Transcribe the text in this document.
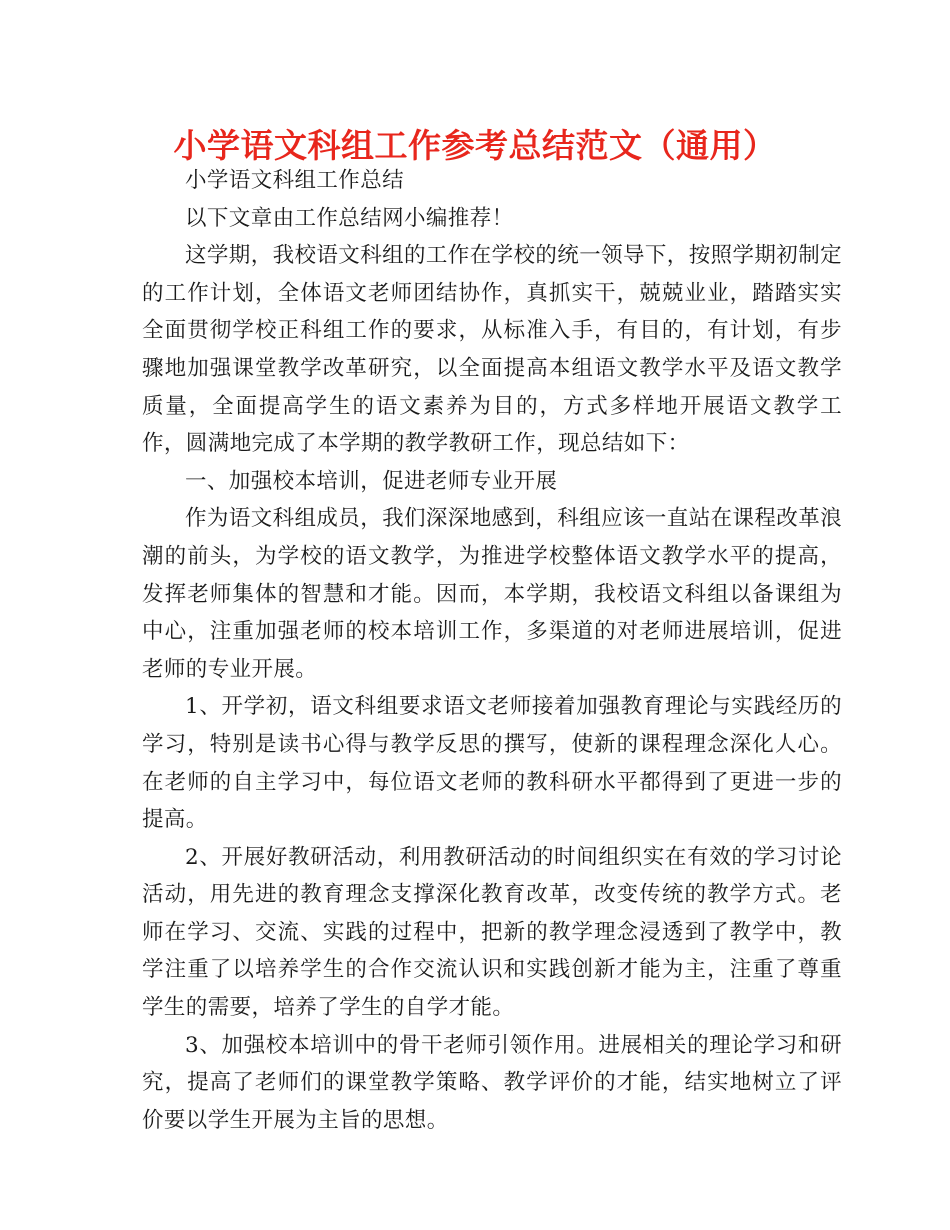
小学语文科组工作参考总结范文（通用）

小学语文科组工作总结

以下文章由工作总结网小编推荐！

这学期，我校语文科组的工作在学校的统一领导下，按照学期初制定的工作计划，全体语文老师团结协作，真抓实干，兢兢业业，踏踏实实全面贯彻学校正科组工作的要求，从标准入手，有目的，有计划，有步骤地加强课堂教学改革研究，以全面提高本组语文教学水平及语文教学质量，全面提高学生的语文素养为目的，方式多样地开展语文教学工作，圆满地完成了本学期的教学教研工作，现总结如下：

一、加强校本培训，促进老师专业开展

作为语文科组成员，我们深深地感到，科组应该一直站在课程改革浪潮的前头，为学校的语文教学，为推进学校整体语文教学水平的提高，发挥老师集体的智慧和才能。因而，本学期，我校语文科组以备课组为中心，注重加强老师的校本培训工作，多渠道的对老师进展培训，促进老师的专业开展。

1、开学初，语文科组要求语文老师接着加强教育理论与实践经历的学习，特别是读书心得与教学反思的撰写，使新的课程理念深化人心。在老师的自主学习中，每位语文老师的教科研水平都得到了更进一步的提高。

2、开展好教研活动，利用教研活动的时间组织实在有效的学习讨论活动，用先进的教育理念支撑深化教育改革，改变传统的教学方式。老师在学习、交流、实践的过程中，把新的教学理念浸透到了教学中，教学注重了以培养学生的合作交流认识和实践创新才能为主，注重了尊重学生的需要，培养了学生的自学才能。

3、加强校本培训中的骨干老师引领作用。进展相关的理论学习和研究，提高了老师们的课堂教学策略、教学评价的才能，结实地树立了评价要以学生开展为主旨的思想。
